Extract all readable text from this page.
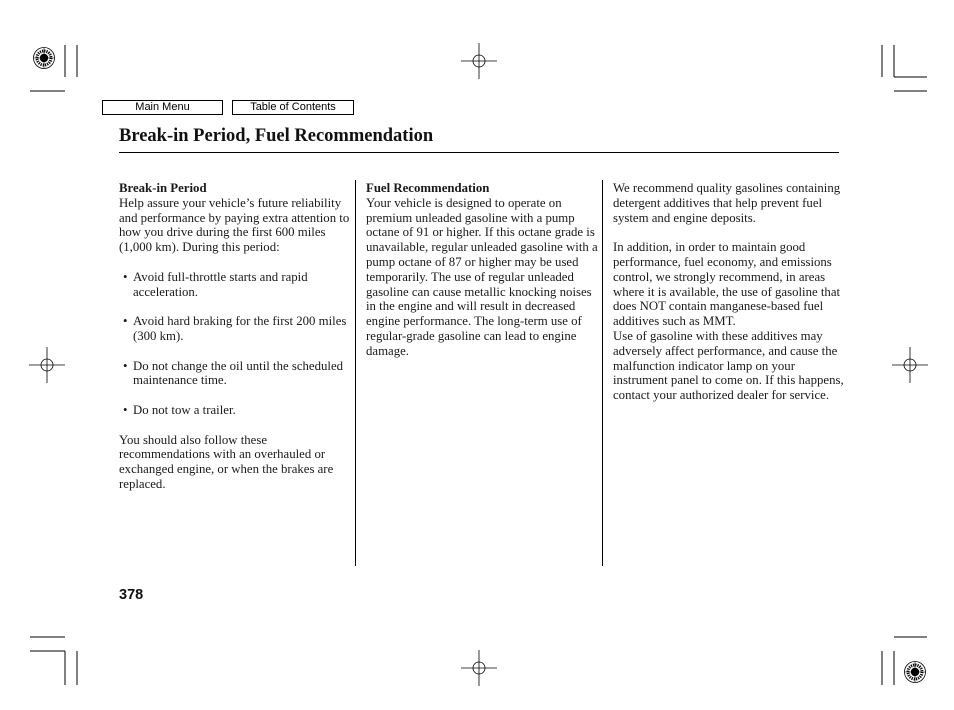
Main Menu	Table of Contents
Break-in Period, Fuel Recommendation
Break-in Period

Help assure your vehicle’s future reliability and performance by paying extra attention to how you drive during the first 600 miles (1,000 km). During this period:

• Avoid full-throttle starts and rapid acceleration.
• Avoid hard braking for the first 200 miles (300 km).
• Do not change the oil until the scheduled maintenance time.
• Do not tow a trailer.

You should also follow these recommendations with an overhauled or exchanged engine, or when the brakes are replaced.

Fuel Recommendation

Your vehicle is designed to operate on premium unleaded gasoline with a pump octane of 91 or higher. If this octane grade is unavailable, regular unleaded gasoline with a pump octane of 87 or higher may be used temporarily. The use of regular unleaded gasoline can cause metallic knocking noises in the engine and will result in decreased engine performance. The long-term use of regular-grade gasoline can lead to engine damage.

We recommend quality gasolines containing detergent additives that help prevent fuel system and engine deposits.

In addition, in order to maintain good performance, fuel economy, and emissions control, we strongly recommend, in areas where it is available, the use of gasoline that does NOT contain manganese-based fuel additives such as MMT.

Use of gasoline with these additives may adversely affect performance, and cause the malfunction indicator lamp on your instrument panel to come on. If this happens, contact your authorized dealer for service.

378
